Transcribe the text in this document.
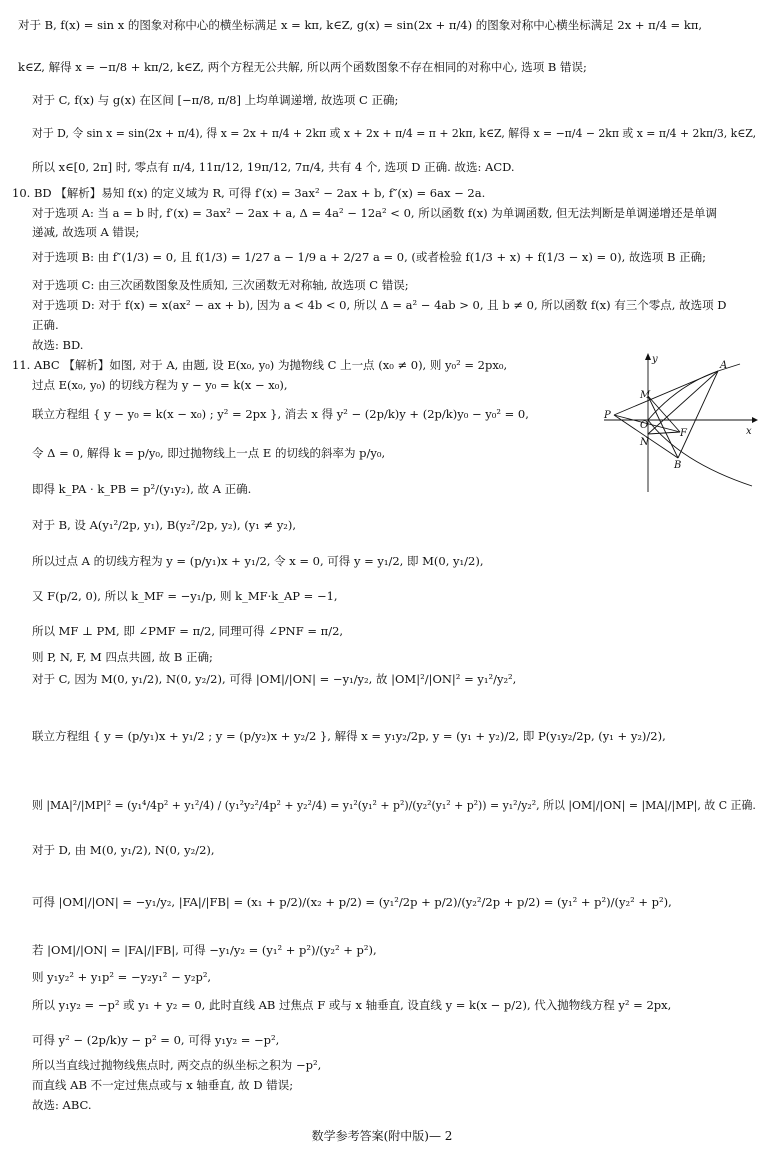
对于 B, f(x) = sin x 的图象对称中心的横坐标满足 x = kπ, k∈Z, g(x) = sin(2x + π/4) 的图象对称中心横坐标满足 2x + π/4 = kπ,
k∈Z, 解得 x = −π/8 + kπ/2, k∈Z, 两个方程无公共解, 所以两个函数图象不存在相同的对称中心, 选项 B 错误;
对于 C, f(x) 与 g(x) 在区间 [−π/8, π/8] 上均单调递增, 故选项 C 正确;
对于 D, 令 sin x = sin(2x + π/4), 得 x = 2x + π/4 + 2kπ 或 x + 2x + π/4 = π + 2kπ, k∈Z, 解得 x = −π/4 − 2kπ 或 x = π/4 + 2kπ/3, k∈Z,
所以 x∈[0, 2π] 时, 零点有 π/4, 11π/12, 19π/12, 7π/4, 共有 4 个, 选项 D 正确. 故选: ACD.
10. BD 【解析】易知 f(x) 的定义域为 R, 可得 f′(x) = 3ax² − 2ax + b, f″(x) = 6ax − 2a.
对于选项 A: 当 a = b 时, f′(x) = 3ax² − 2ax + a, Δ = 4a² − 12a² < 0, 所以函数 f(x) 为单调函数, 但无法判断是单调递增还是单调
递减, 故选项 A 错误;
对于选项 B: 由 f″(1/3) = 0, 且 f(1/3) = 1/27 a − 1/9 a + 2/27 a = 0, (或者检验 f(1/3 + x) + f(1/3 − x) = 0), 故选项 B 正确;
对于选项 C: 由三次函数图象及性质知, 三次函数无对称轴, 故选项 C 错误;
对于选项 D: 对于 f(x) = x(ax² − ax + b), 因为 a < 4b < 0, 所以 Δ = a² − 4ab > 0, 且 b ≠ 0, 所以函数 f(x) 有三个零点, 故选项 D
正确.
故选: BD.
11. ABC 【解析】如图, 对于 A, 由题, 设 E(x₀, y₀) 为抛物线 C 上一点 (x₀ ≠ 0), 则 y₀² = 2px₀,
过点 E(x₀, y₀) 的切线方程为 y − y₀ = k(x − x₀),
联立方程组 { y − y₀ = k(x − x₀) ; y² = 2px }, 消去 x 得 y² − (2p/k)y + (2p/k)y₀ − y₀² = 0,
令 Δ = 0, 解得 k = p/y₀, 即过抛物线上一点 E 的切线的斜率为 p/y₀,
即得 k_PA · k_PB = p²/(y₁y₂), 故 A 正确.
对于 B, 设 A(y₁²/2p, y₁), B(y₂²/2p, y₂), (y₁ ≠ y₂),
所以过点 A 的切线方程为 y = (p/y₁)x + y₁/2, 令 x = 0, 可得 y = y₁/2, 即 M(0, y₁/2),
又 F(p/2, 0), 所以 k_MF = −y₁/p, 则 k_MF·k_AP = −1,
所以 MF ⊥ PM, 即 ∠PMF = π/2, 同理可得 ∠PNF = π/2,
则 P, N, F, M 四点共圆, 故 B 正确;
对于 C, 因为 M(0, y₁/2), N(0, y₂/2), 可得 |OM|/|ON| = −y₁/y₂, 故 |OM|²/|ON|² = y₁²/y₂²,
联立方程组 { y = (p/y₁)x + y₁/2 ; y = (p/y₂)x + y₂/2 }, 解得 x = y₁y₂/2p, y = (y₁ + y₂)/2, 即 P(y₁y₂/2p, (y₁ + y₂)/2),
则 |MA|²/|MP|² = (y₁⁴/4p² + y₁²/4) / (y₁²y₂²/4p² + y₂²/4) = y₁²(y₁² + p²)/(y₂²(y₁² + p²)) = y₁²/y₂², 所以 |OM|/|ON| = |MA|/|MP|, 故 C 正确.
对于 D, 由 M(0, y₁/2), N(0, y₂/2),
可得 |OM|/|ON| = −y₁/y₂, |FA|/|FB| = (x₁ + p/2)/(x₂ + p/2) = (y₁²/2p + p/2)/(y₂²/2p + p/2) = (y₁² + p²)/(y₂² + p²),
若 |OM|/|ON| = |FA|/|FB|, 可得 −y₁/y₂ = (y₁² + p²)/(y₂² + p²),
则 y₁y₂² + y₁p² = −y₂y₁² − y₂p²,
所以 y₁y₂ = −p² 或 y₁ + y₂ = 0, 此时直线 AB 过焦点 F 或与 x 轴垂直, 设直线 y = k(x − p/2), 代入抛物线方程 y² = 2px,
可得 y² − (2p/k)y − p² = 0, 可得 y₁y₂ = −p²,
所以当直线过抛物线焦点时, 两交点的纵坐标之积为 −p²,
而直线 AB 不一定过焦点或与 x 轴垂直, 故 D 错误;
故选: ABC.
y
x
A
M
P
O
F
N
B
数学参考答案(附中版)— 2
